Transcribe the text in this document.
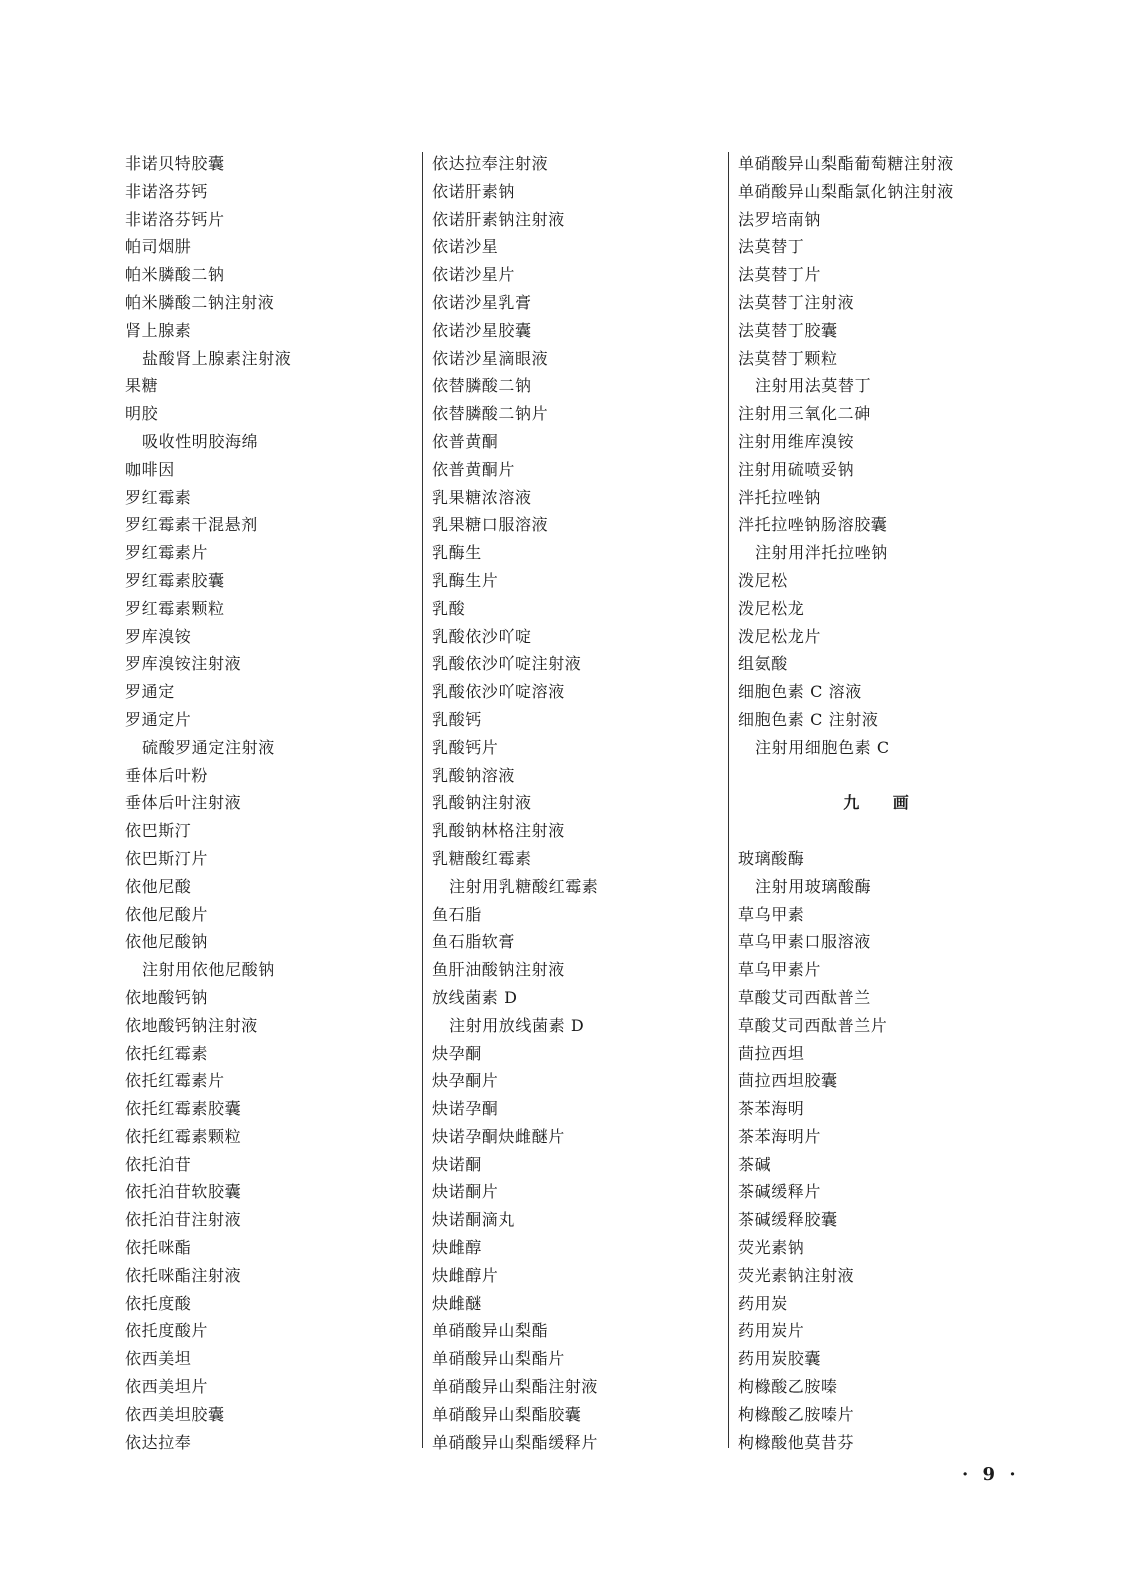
非诺贝特胶囊
非诺洛芬钙
非诺洛芬钙片
帕司烟肼
帕米膦酸二钠
帕米膦酸二钠注射液
肾上腺素
盐酸肾上腺素注射液
果糖
明胶
吸收性明胶海绵
咖啡因
罗红霉素
罗红霉素干混悬剂
罗红霉素片
罗红霉素胶囊
罗红霉素颗粒
罗库溴铵
罗库溴铵注射液
罗通定
罗通定片
硫酸罗通定注射液
垂体后叶粉
垂体后叶注射液
依巴斯汀
依巴斯汀片
依他尼酸
依他尼酸片
依他尼酸钠
注射用依他尼酸钠
依地酸钙钠
依地酸钙钠注射液
依托红霉素
依托红霉素片
依托红霉素胶囊
依托红霉素颗粒
依托泊苷
依托泊苷软胶囊
依托泊苷注射液
依托咪酯
依托咪酯注射液
依托度酸
依托度酸片
依西美坦
依西美坦片
依西美坦胶囊
依达拉奉
依达拉奉注射液
依诺肝素钠
依诺肝素钠注射液
依诺沙星
依诺沙星片
依诺沙星乳膏
依诺沙星胶囊
依诺沙星滴眼液
依替膦酸二钠
依替膦酸二钠片
依普黄酮
依普黄酮片
乳果糖浓溶液
乳果糖口服溶液
乳酶生
乳酶生片
乳酸
乳酸依沙吖啶
乳酸依沙吖啶注射液
乳酸依沙吖啶溶液
乳酸钙
乳酸钙片
乳酸钠溶液
乳酸钠注射液
乳酸钠林格注射液
乳糖酸红霉素
注射用乳糖酸红霉素
鱼石脂
鱼石脂软膏
鱼肝油酸钠注射液
放线菌素 D
注射用放线菌素 D
炔孕酮
炔孕酮片
炔诺孕酮
炔诺孕酮炔雌醚片
炔诺酮
炔诺酮片
炔诺酮滴丸
炔雌醇
炔雌醇片
炔雌醚
单硝酸异山梨酯
单硝酸异山梨酯片
单硝酸异山梨酯注射液
单硝酸异山梨酯胶囊
单硝酸异山梨酯缓释片
单硝酸异山梨酯葡萄糖注射液
单硝酸异山梨酯氯化钠注射液
法罗培南钠
法莫替丁
法莫替丁片
法莫替丁注射液
法莫替丁胶囊
法莫替丁颗粒
注射用法莫替丁
注射用三氧化二砷
注射用维库溴铵
注射用硫喷妥钠
泮托拉唑钠
泮托拉唑钠肠溶胶囊
注射用泮托拉唑钠
泼尼松
泼尼松龙
泼尼松龙片
组氨酸
细胞色素 C 溶液
细胞色素 C 注射液
注射用细胞色素 C
九 画
玻璃酸酶
注射用玻璃酸酶
草乌甲素
草乌甲素口服溶液
草乌甲素片
草酸艾司西酞普兰
草酸艾司西酞普兰片
茴拉西坦
茴拉西坦胶囊
茶苯海明
茶苯海明片
茶碱
茶碱缓释片
茶碱缓释胶囊
荧光素钠
荧光素钠注射液
药用炭
药用炭片
药用炭胶囊
枸橼酸乙胺嗪
枸橼酸乙胺嗪片
枸橼酸他莫昔芬
· 9 ·
